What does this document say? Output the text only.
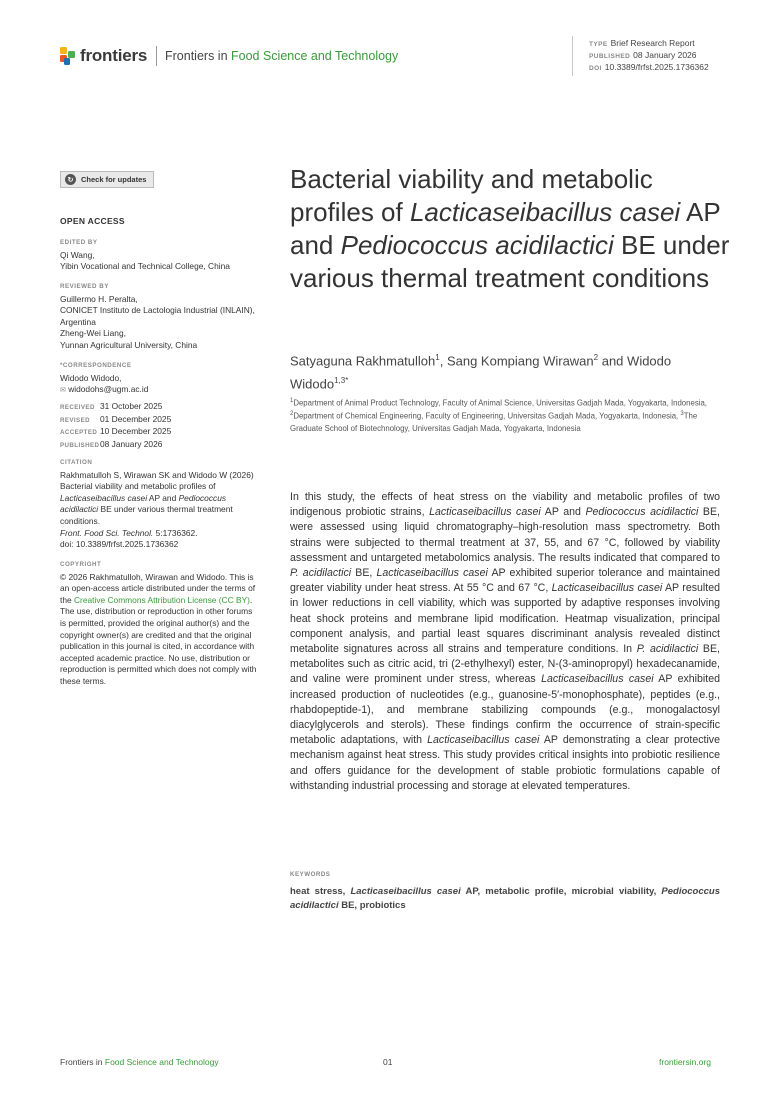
frontiers Frontiers in Food Science and Technology
TYPE Brief Research Report
PUBLISHED 08 January 2026
DOI 10.3389/frfst.2025.1736362
↻	Check for updates
OPEN ACCESS
EDITED BY
Qi Wang,
Yibin Vocational and Technical College, China
REVIEWED BY
Guillermo H. Peralta,
CONICET Instituto de Lactologia Industrial (INLAIN), Argentina
Zheng-Wei Liang,
Yunnan Agricultural University, China
*CORRESPONDENCE
Widodo Widodo,
✉ widodohs@ugm.ac.id
RECEIVED 31 October 2025
REVISED 01 December 2025
ACCEPTED 10 December 2025
PUBLISHED08 January 2026
CITATION
Rakhmatulloh S, Wirawan SK and Widodo W (2026) Bacterial viability and metabolic profiles of Lacticaseibacillus casei AP and Pediococcus acidilactici BE under various thermal treatment conditions.
Front. Food Sci. Technol. 5:1736362.
doi: 10.3389/frfst.2025.1736362
COPYRIGHT
© 2026 Rakhmatulloh, Wirawan and Widodo. This is an open-access article distributed under the terms of the Creative Commons Attribution License (CC BY). The use, distribution or reproduction in other forums is permitted, provided the original author(s) and the copyright owner(s) are credited and that the original publication in this journal is cited, in accordance with accepted academic practice. No use, distribution or reproduction is permitted which does not comply with these terms.
Bacterial viability and metabolic profiles of Lacticaseibacillus casei AP and Pediococcus acidilactici BE under various thermal treatment conditions
Satyaguna Rakhmatulloh$^1$, Sang Kompiang Wirawan$^2$ and Widodo Widodo$^{1,3*}$
$^1$Department of Animal Product Technology, Faculty of Animal Science, Universitas Gadjah Mada, Yogyakarta, Indonesia, $^2$Department of Chemical Engineering, Faculty of Engineering, Universitas Gadjah Mada, Yogyakarta, Indonesia, $^3$The Graduate School of Biotechnology, Universitas Gadjah Mada, Yogyakarta, Indonesia

In this study, the effects of heat stress on the viability and metabolic profiles of two indigenous probiotic strains, Lacticaseibacillus casei AP and Pediococcus acidilactici BE, were assessed using liquid chromatography–high-resolution mass spectrometry. Both strains were subjected to thermal treatment at 37, 55, and 67 °C, followed by viability assessment and untargeted metabolomics analysis. The results indicated that compared to P. acidilactici BE, Lacticaseibacillus casei AP exhibited superior tolerance and maintained greater viability under heat stress. At 55 °C and 67 °C, Lacticaseibacillus casei AP resulted in lower reductions in cell viability, which was supported by adaptive responses involving heat shock proteins and membrane lipid modification. Heatmap visualization, principal component analysis, and partial least squares discriminant analysis revealed distinct metabolite signatures across all strains and temperature conditions. In P. acidilactici BE, metabolites such as citric acid, tri (2-ethylhexyl) ester, N-(3-aminopropyl) hexadecanamide, and valine were prominent under stress, whereas Lacticaseibacillus casei AP exhibited increased production of nucleotides (e.g., guanosine-5′-monophosphate), peptides (e.g., rhabdopeptide-1), and membrane stabilizing compounds (e.g., monogalactosyl diacylglycerols and sterols). These findings confirm the occurrence of strain-specific metabolic adaptations, with Lacticaseibacillus casei AP demonstrating a clear protective mechanism against heat stress. This study provides critical insights into probiotic resilience and offers guidance for the development of stable probiotic formulations capable of withstanding industrial processing and storage at elevated temperatures.

KEYWORDS

heat stress, Lacticaseibacillus casei AP, metabolic profile, microbial viability, Pediococcus acidilactici BE, probiotics

Frontiers in Food Science and Technology	01	frontiersin.org
